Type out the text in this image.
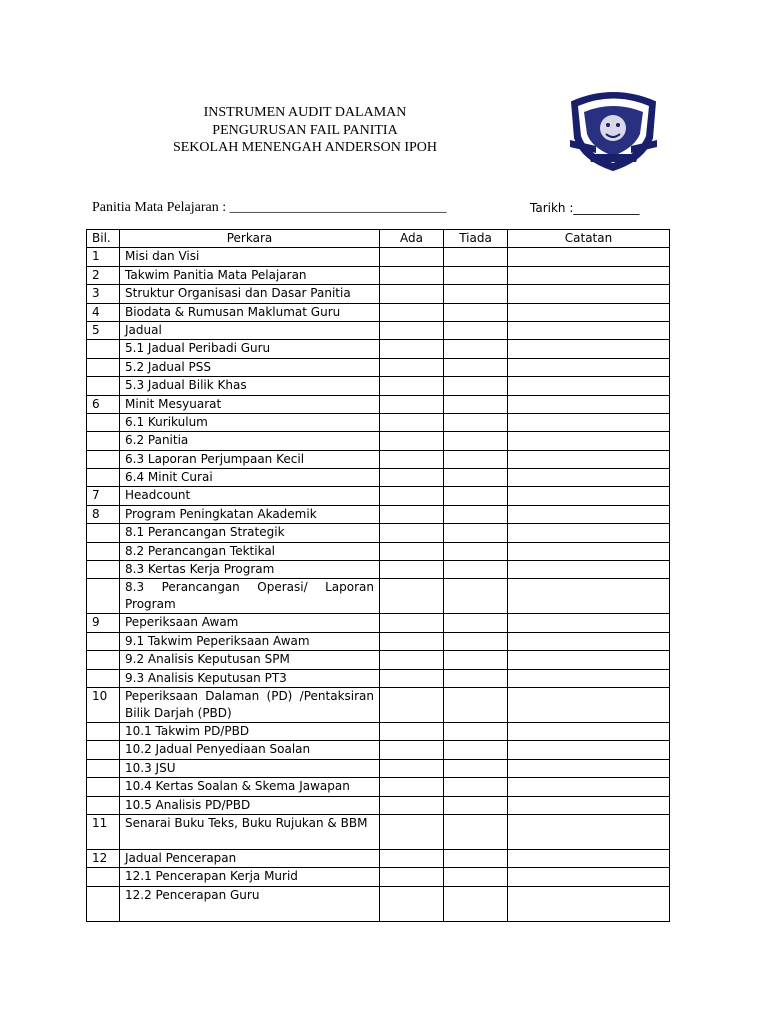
INSTRUMEN AUDIT DALAMAN
PENGURUSAN FAIL PANITIA
SEKOLAH MENENGAH ANDERSON IPOH
Panitia Mata Pelajaran : _______________________________	Tarikh :___________
Bil.	Perkara	Ada	Tiada	Catatan
1	Misi dan Visi			
2	Takwim Panitia Mata Pelajaran			
3	Struktur Organisasi dan Dasar Panitia			
4	Biodata & Rumusan Maklumat Guru			
5	Jadual			
	5.1 Jadual Peribadi Guru			
	5.2 Jadual PSS			
	5.3 Jadual Bilik Khas			
6	Minit Mesyuarat			
	6.1 Kurikulum			
	6.2 Panitia			
	6.3 Laporan Perjumpaan Kecil			
	6.4 Minit Curai			
7	Headcount			
8	Program Peningkatan Akademik			
	8.1 Perancangan Strategik			
	8.2 Perancangan Tektikal			
	8.3 Kertas Kerja Program			
	8.3 Perancangan Operasi/ Laporan Program			
9	Peperiksaan Awam			
	9.1 Takwim Peperiksaan Awam			
	9.2 Analisis Keputusan SPM			
	9.3 Analisis Keputusan PT3			
10	Peperiksaan Dalaman (PD) /Pentaksiran Bilik Darjah (PBD)			
	10.1 Takwim PD/PBD			
	10.2 Jadual Penyediaan Soalan			
	10.3 JSU			
	10.4 Kertas Soalan & Skema Jawapan			
	10.5 Analisis PD/PBD			
11	Senarai Buku Teks, Buku Rujukan & BBM			
12	Jadual Pencerapan			
	12.1 Pencerapan Kerja Murid			
	12.2 Pencerapan Guru			
